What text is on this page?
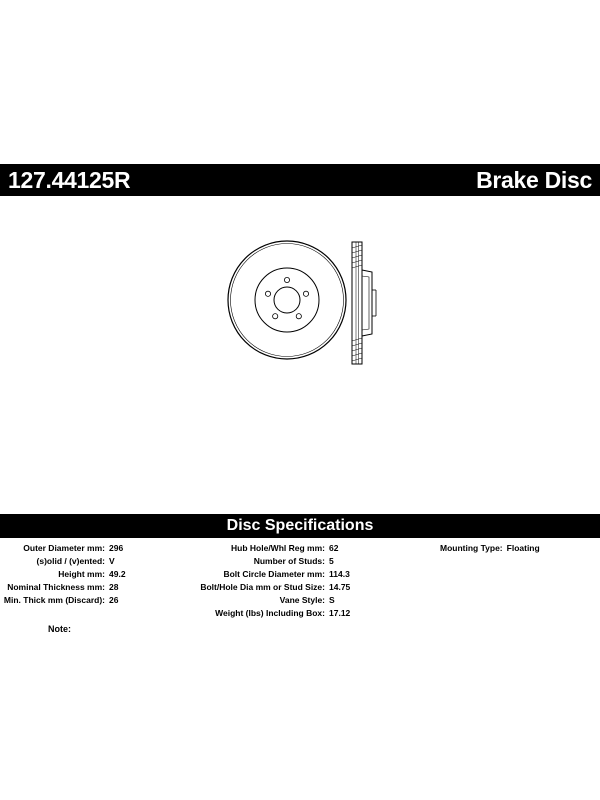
127.44125R	Brake Disc
Disc Specifications
Outer Diameter mm: 296
(s)olid / (v)ented: V
Height mm: 49.2
Nominal Thickness mm: 28
Min. Thick mm (Discard): 26
Hub Hole/Whl Reg mm: 62
Number of Studs: 5
Bolt Circle Diameter mm: 114.3
Bolt/Hole Dia mm or Stud Size: 14.75
Vane Style: S
Weight (lbs) Including Box: 17.12
Mounting Type: Floating
Note:
